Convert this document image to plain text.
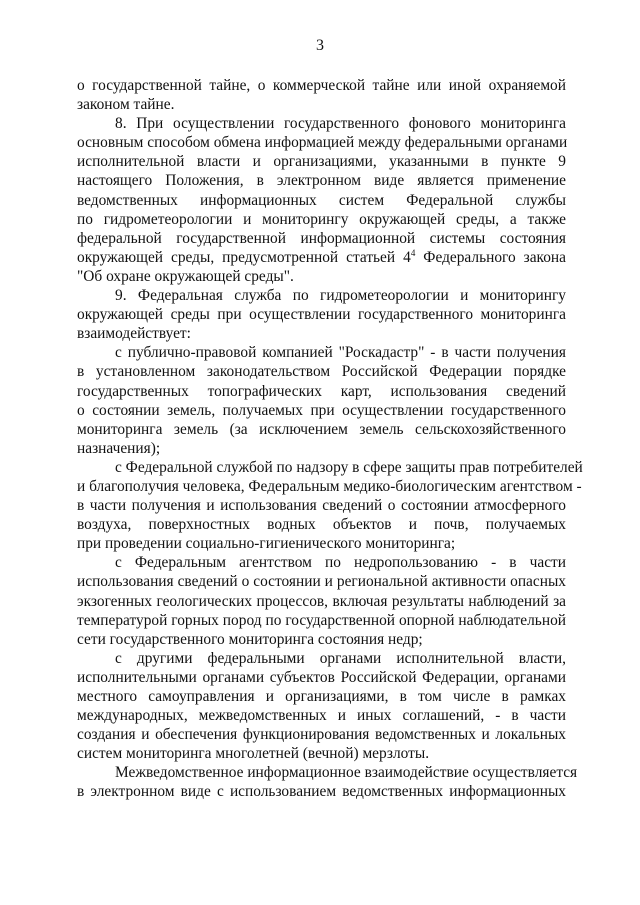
3
о государственной тайне, о коммерческой тайне или иной охраняемой
законом тайне.
8. При осуществлении государственного фонового мониторинга
основным способом обмена информацией между федеральными органами
исполнительной власти и организациями, указанными в пункте 9
настоящего Положения, в электронном виде является применение
ведомственных информационных систем Федеральной службы
по гидрометеорологии и мониторингу окружающей среды, а также
федеральной государственной информационной системы состояния
окружающей среды, предусмотренной статьей $4^4$ Федерального закона
"Об охране окружающей среды".
9. Федеральная служба по гидрометеорологии и мониторингу
окружающей среды при осуществлении государственного мониторинга
взаимодействует:
с публично-правовой компанией "Роскадастр" - в части получения
в установленном законодательством Российской Федерации порядке
государственных топографических карт, использования сведений
о состоянии земель, получаемых при осуществлении государственного
мониторинга земель (за исключением земель сельскохозяйственного
назначения);
с Федеральной службой по надзору в сфере защиты прав потребителей
и благополучия человека, Федеральным медико-биологическим агентством -
в части получения и использования сведений о состоянии атмосферного
воздуха, поверхностных водных объектов и почв, получаемых
при проведении социально-гигиенического мониторинга;
с Федеральным агентством по недропользованию - в части
использования сведений о состоянии и региональной активности опасных
экзогенных геологических процессов, включая результаты наблюдений за
температурой горных пород по государственной опорной наблюдательной
сети государственного мониторинга состояния недр;
с другими федеральными органами исполнительной власти,
исполнительными органами субъектов Российской Федерации, органами
местного самоуправления и организациями, в том числе в рамках
международных, межведомственных и иных соглашений, - в части
создания и обеспечения функционирования ведомственных и локальных
систем мониторинга многолетней (вечной) мерзлоты.
Межведомственное информационное взаимодействие осуществляется
в электронном виде с использованием ведомственных информационных
